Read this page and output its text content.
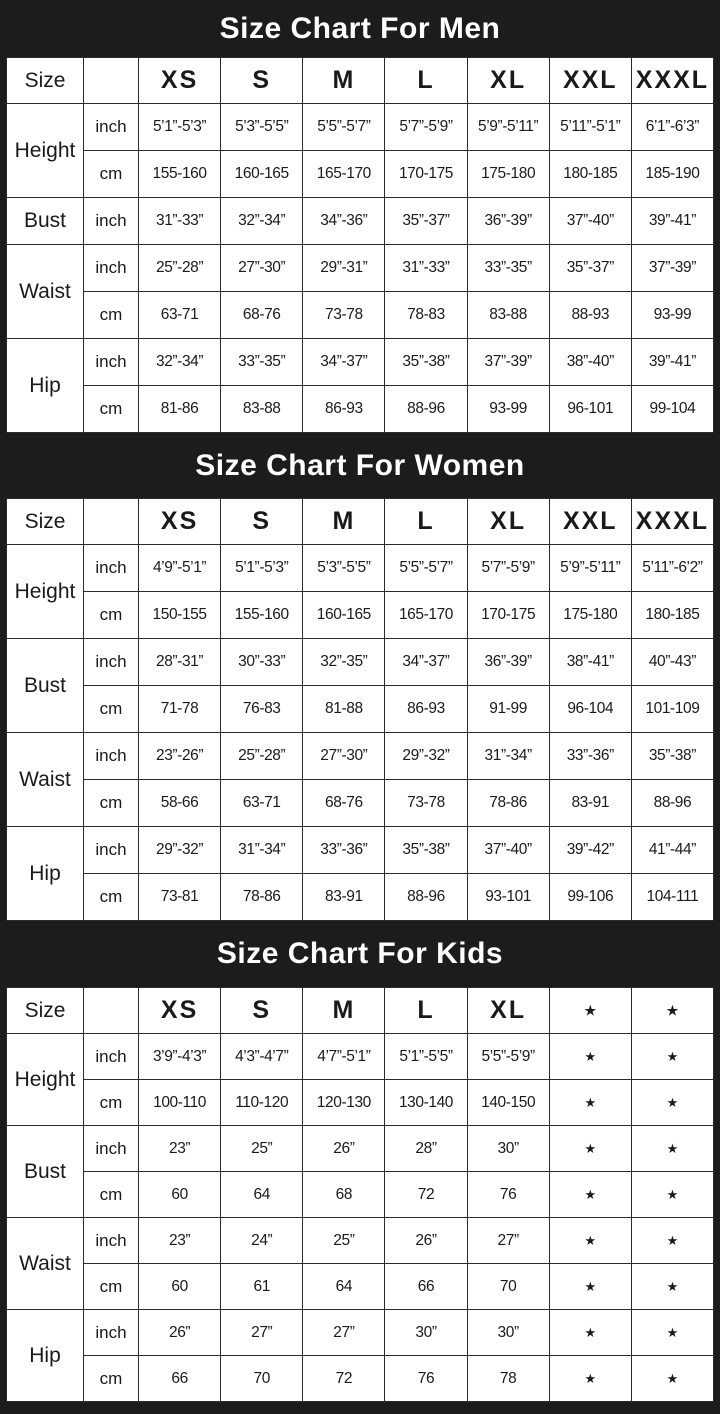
Size Chart For Men
Size		XS	S	M	L	XL	XXL	XXXL
Height	inch	5’1”-5’3”	5’3”-5’5”	5’5”-5’7”	5’7”-5’9”	5’9”-5’11”	5’11”-5’1”	6’1”-6’3”
	cm	155-160	160-165	165-170	170-175	175-180	180-185	185-190
Bust	inch	31”-33”	32”-34”	34”-36”	35”-37”	36”-39”	37”-40”	39”-41”
Waist	inch	25”-28”	27”-30”	29”-31”	31”-33”	33”-35”	35”-37”	37”-39”
	cm	63-71	68-76	73-78	78-83	83-88	88-93	93-99
Hip	inch	32”-34”	33”-35”	34”-37”	35”-38”	37”-39”	38”-40”	39”-41”
	cm	81-86	83-88	86-93	88-96	93-99	96-101	99-104
Size Chart For Women
Size		XS	S	M	L	XL	XXL	XXXL
Height	inch	4’9”-5’1”	5’1”-5’3”	5’3”-5’5”	5’5”-5’7”	5’7”-5’9”	5’9”-5’11”	5’11”-6’2”
	cm	150-155	155-160	160-165	165-170	170-175	175-180	180-185
Bust	inch	28”-31”	30”-33”	32”-35”	34”-37”	36”-39”	38”-41”	40”-43”
	cm	71-78	76-83	81-88	86-93	91-99	96-104	101-109
Waist	inch	23”-26”	25”-28”	27”-30”	29”-32”	31”-34”	33”-36”	35”-38”
	cm	58-66	63-71	68-76	73-78	78-86	83-91	88-96
Hip	inch	29”-32”	31”-34”	33”-36”	35”-38”	37”-40”	39”-42”	41”-44”
	cm	73-81	78-86	83-91	88-96	93-101	99-106	104-111
Size Chart For Kids
Size		XS	S	M	L	XL	★	★
Height	inch	3’9”-4’3”	4’3”-4’7”	4’7”-5’1”	5’1”-5’5”	5’5”-5’9”	★	★
	cm	100-110	110-120	120-130	130-140	140-150	★	★
Bust	inch	23”	25”	26”	28”	30”	★	★
	cm	60	64	68	72	76	★	★
Waist	inch	23”	24”	25”	26”	27”	★	★
	cm	60	61	64	66	70	★	★
Hip	inch	26”	27”	27”	30”	30”	★	★
	cm	66	70	72	76	78	★	★
